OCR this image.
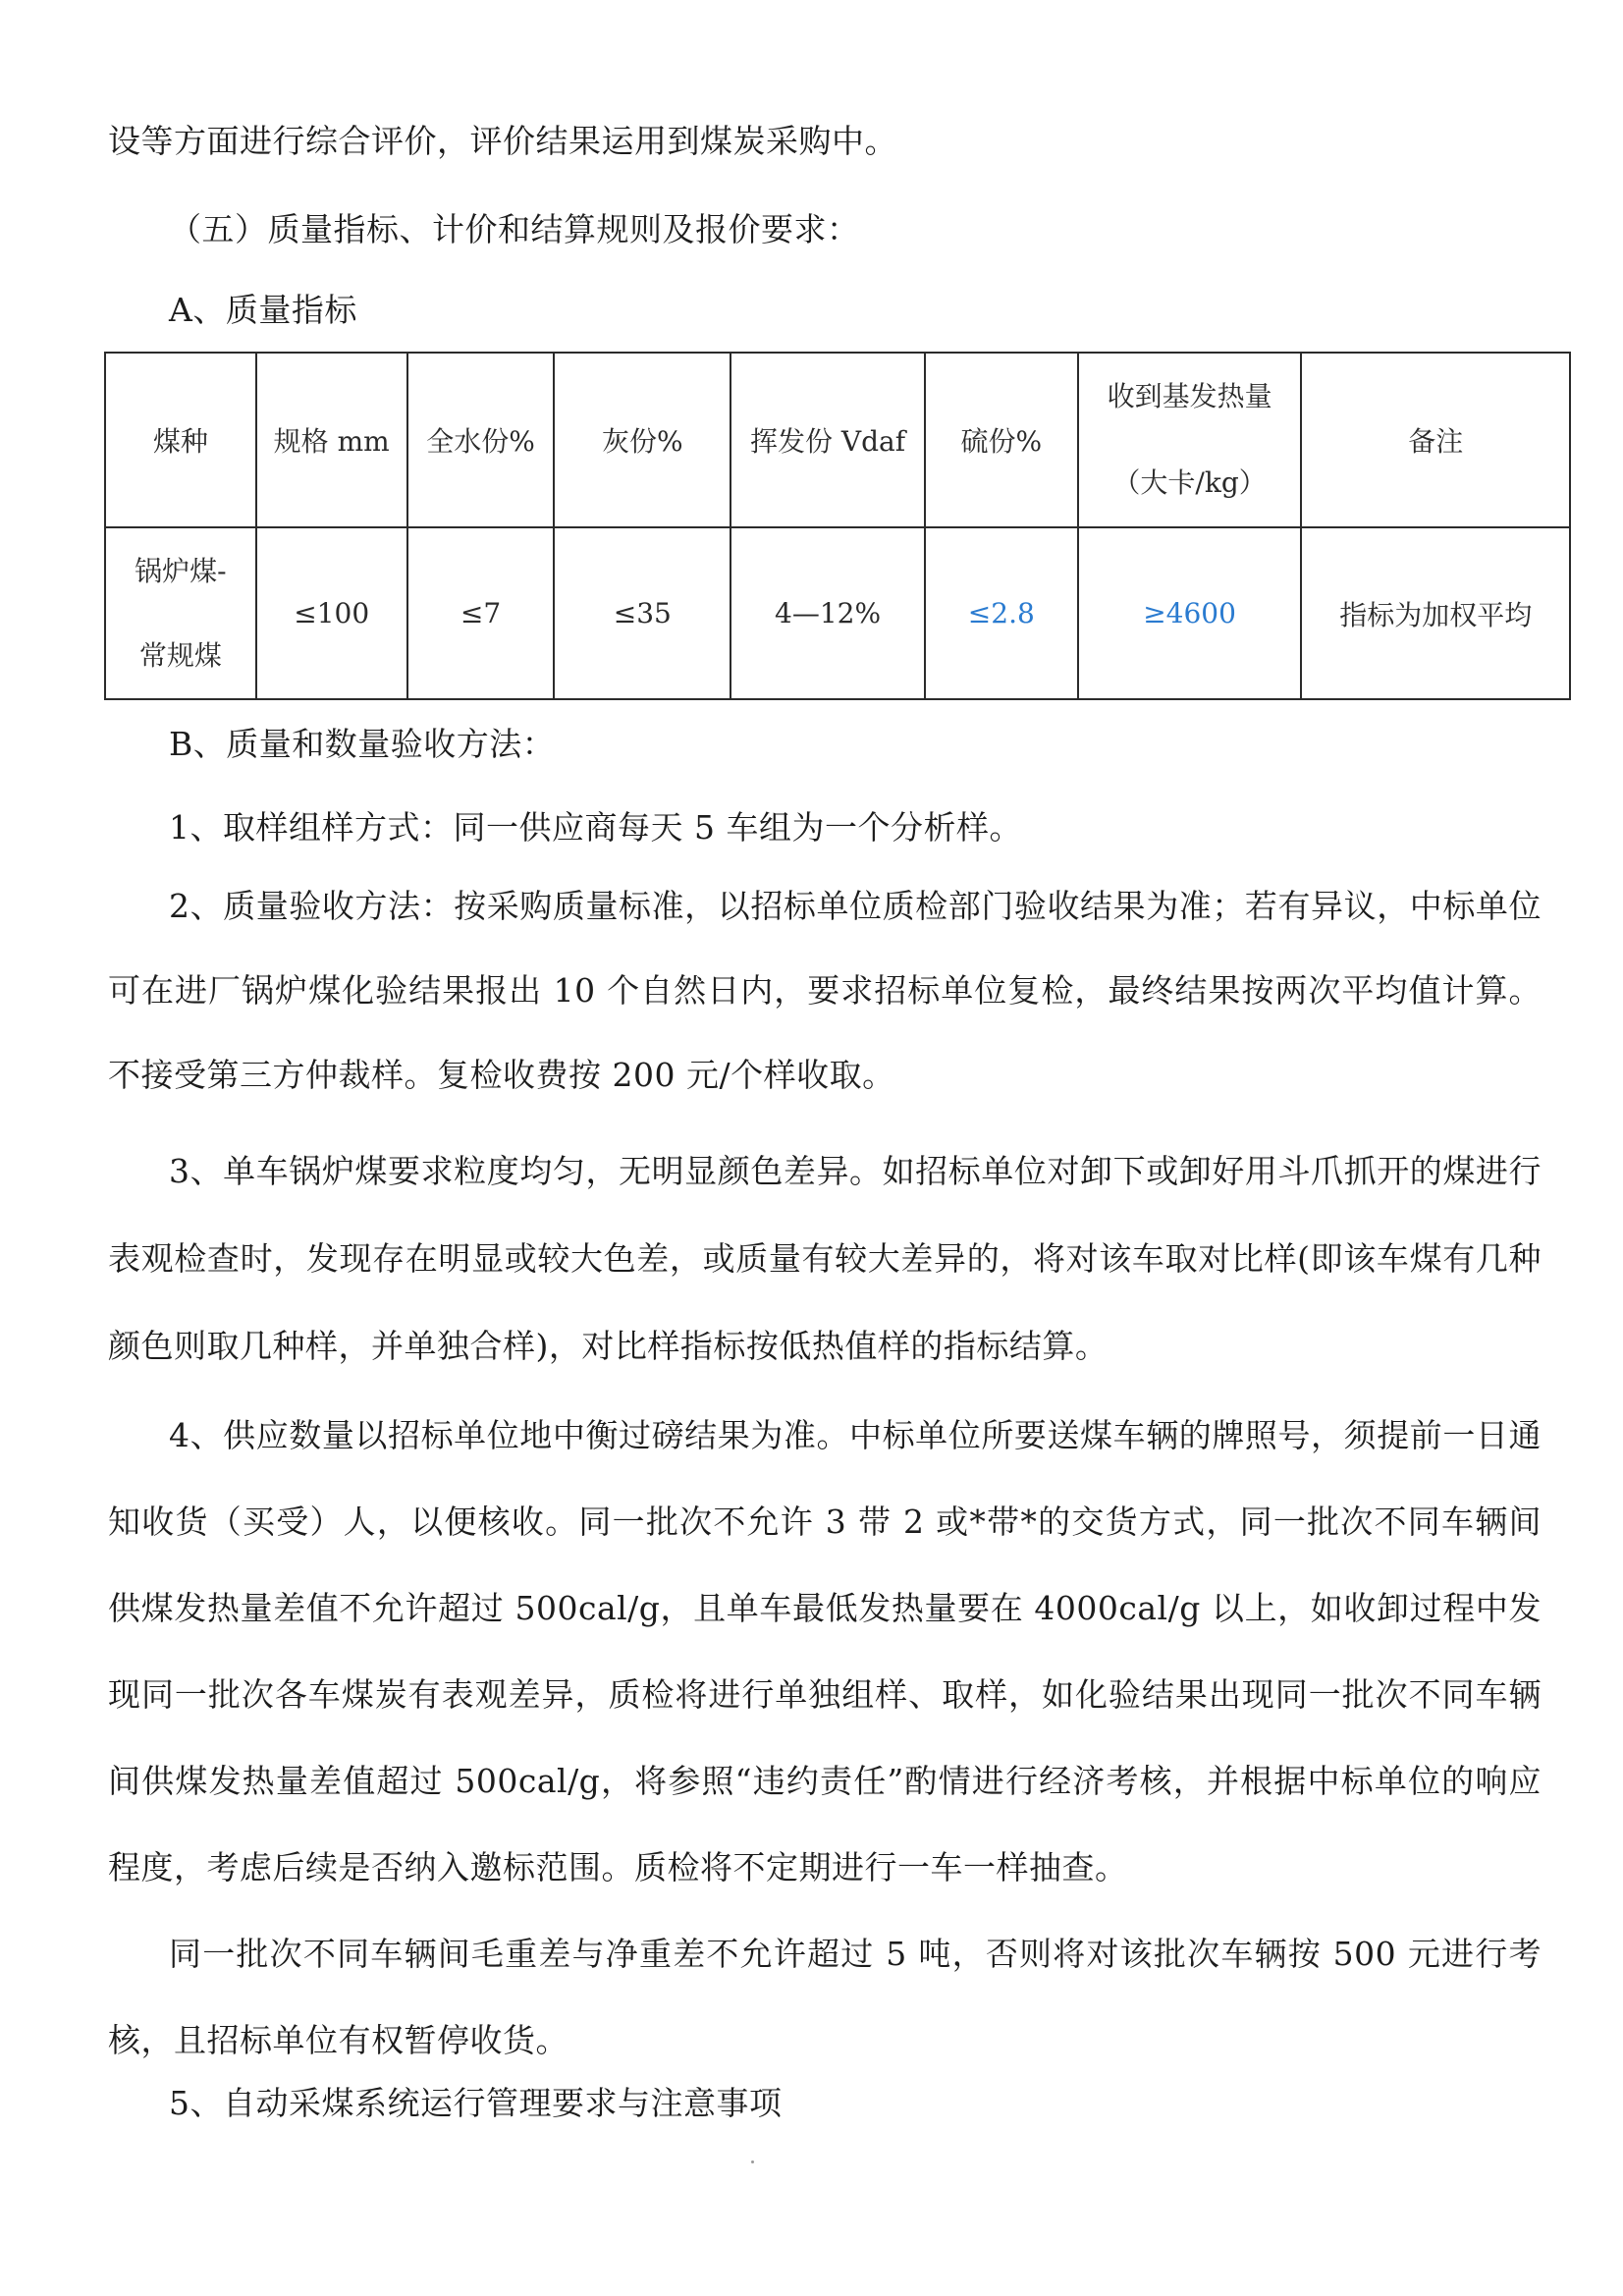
设等方面进行综合评价，评价结果运用到煤炭采购中。
（五）质量指标、计价和结算规则及报价要求：
A、质量指标
煤种	规格 mm	全水份%	灰份%	挥发份 Vdaf	硫份%	收到基发热量
（大卡/kg）	备注

锅炉煤-
常规煤	≤100	≤7	≤35	4—12%	≤2.8	≥4600	指标为加权平均
B、质量和数量验收方法：
1、取样组样方式：同一供应商每天 5 车组为一个分析样。
2、质量验收方法：按采购质量标准，以招标单位质检部门验收结果为准；若有异议，中标单位可在进厂锅炉煤化验结果报出 10 个自然日内，要求招标单位复检，最终结果按两次平均值计算。不接受第三方仲裁样。复检收费按 200 元/个样收取。
3、单车锅炉煤要求粒度均匀，无明显颜色差异。如招标单位对卸下或卸好用斗爪抓开的煤进行表观检查时，发现存在明显或较大色差，或质量有较大差异的，将对该车取对比样(即该车煤有几种颜色则取几种样，并单独合样)，对比样指标按低热值样的指标结算。
4、供应数量以招标单位地中衡过磅结果为准。中标单位所要送煤车辆的牌照号，须提前一日通知收货（买受）人，以便核收。同一批次不允许 3 带 2 或*带*的交货方式，同一批次不同车辆间供煤发热量差值不允许超过 500cal/g，且单车最低发热量要在 4000cal/g 以上，如收卸过程中发现同一批次各车煤炭有表观差异，质检将进行单独组样、取样，如化验结果出现同一批次不同车辆间供煤发热量差值超过 500cal/g，将参照“违约责任”酌情进行经济考核，并根据中标单位的响应程度，考虑后续是否纳入邀标范围。质检将不定期进行一车一样抽查。
同一批次不同车辆间毛重差与净重差不允许超过 5 吨，否则将对该批次车辆按 500 元进行考核，且招标单位有权暂停收货。
5、自动采煤系统运行管理要求与注意事项
